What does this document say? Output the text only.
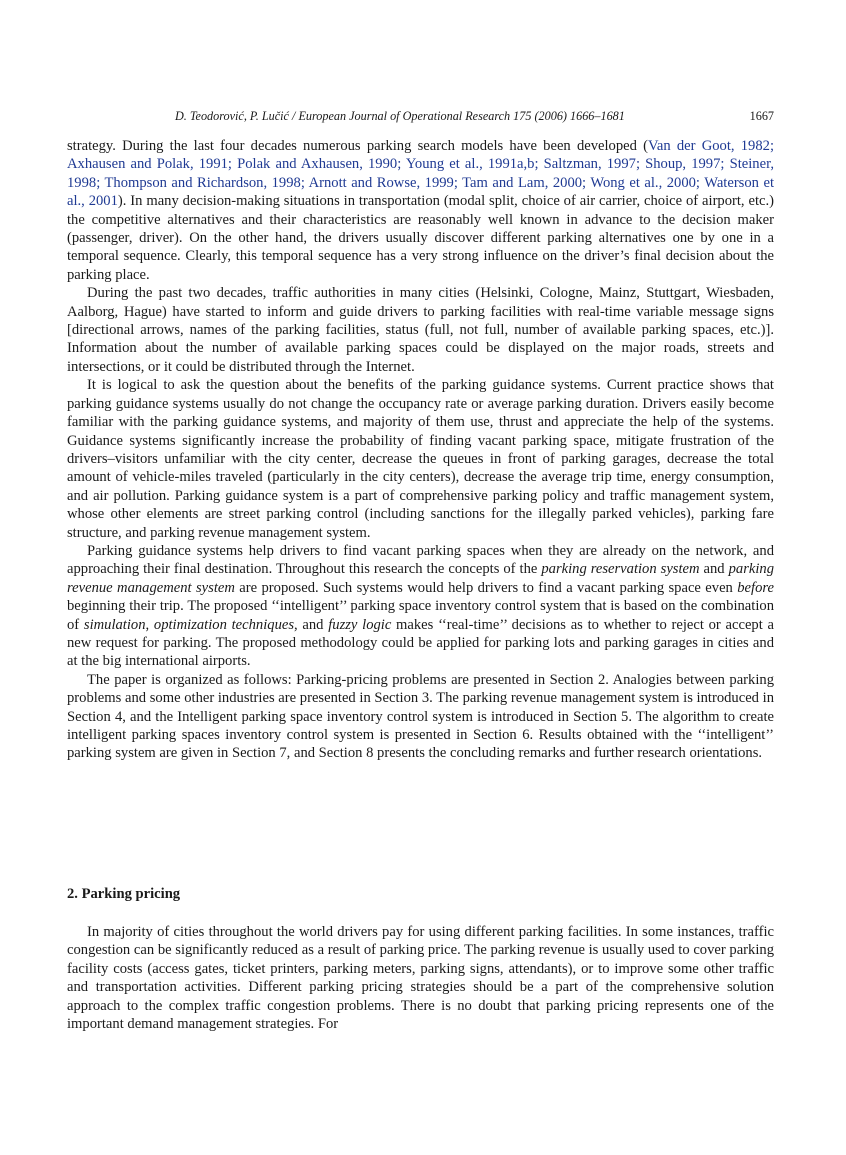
D. Teodorović, P. Lučić / European Journal of Operational Research 175 (2006) 1666–1681	1667

strategy. During the last four decades numerous parking search models have been developed (Van der Goot, 1982; Axhausen and Polak, 1991; Polak and Axhausen, 1990; Young et al., 1991a,b; Saltzman, 1997; Shoup, 1997; Steiner, 1998; Thompson and Richardson, 1998; Arnott and Rowse, 1999; Tam and Lam, 2000; Wong et al., 2000; Waterson et al., 2001). In many decision-making situations in transportation (modal split, choice of air carrier, choice of airport, etc.) the competitive alternatives and their characteristics are reasonably well known in advance to the decision maker (passenger, driver). On the other hand, the drivers usually discover different parking alternatives one by one in a temporal sequence. Clearly, this temporal sequence has a very strong influence on the driver’s final decision about the parking place.

During the past two decades, traffic authorities in many cities (Helsinki, Cologne, Mainz, Stuttgart, Wiesbaden, Aalborg, Hague) have started to inform and guide drivers to parking facilities with real-time variable message signs [directional arrows, names of the parking facilities, status (full, not full, number of available parking spaces, etc.)]. Information about the number of available parking spaces could be displayed on the major roads, streets and intersections, or it could be distributed through the Internet.

It is logical to ask the question about the benefits of the parking guidance systems. Current practice shows that parking guidance systems usually do not change the occupancy rate or average parking duration. Drivers easily become familiar with the parking guidance systems, and majority of them use, thrust and appreciate the help of the systems. Guidance systems significantly increase the probability of finding vacant parking space, mitigate frustration of the drivers–visitors unfamiliar with the city center, decrease the queues in front of parking garages, decrease the total amount of vehicle-miles traveled (particularly in the city centers), decrease the average trip time, energy consumption, and air pollution. Parking guidance system is a part of comprehensive parking policy and traffic management system, whose other elements are street parking control (including sanctions for the illegally parked vehicles), parking fare structure, and parking revenue management system.

Parking guidance systems help drivers to find vacant parking spaces when they are already on the network, and approaching their final destination. Throughout this research the concepts of the parking reservation system and parking revenue management system are proposed. Such systems would help drivers to find a vacant parking space even before beginning their trip. The proposed ‘‘intelligent’’ parking space inventory control system that is based on the combination of simulation, optimization techniques, and fuzzy logic makes ‘‘real-time’’ decisions as to whether to reject or accept a new request for parking. The proposed methodology could be applied for parking lots and parking garages in cities and at the big international airports.

The paper is organized as follows: Parking-pricing problems are presented in Section 2. Analogies between parking problems and some other industries are presented in Section 3. The parking revenue management system is introduced in Section 4, and the Intelligent parking space inventory control system is introduced in Section 5. The algorithm to create intelligent parking spaces inventory control system is presented in Section 6. Results obtained with the ‘‘intelligent’’ parking system are given in Section 7, and Section 8 presents the concluding remarks and further research orientations.

2. Parking pricing

In majority of cities throughout the world drivers pay for using different parking facilities. In some instances, traffic congestion can be significantly reduced as a result of parking price. The parking revenue is usually used to cover parking facility costs (access gates, ticket printers, parking meters, parking signs, attendants), or to improve some other traffic and transportation activities. Different parking pricing strategies should be a part of the comprehensive solution approach to the complex traffic congestion problems. There is no doubt that parking pricing represents one of the important demand management strategies. For
